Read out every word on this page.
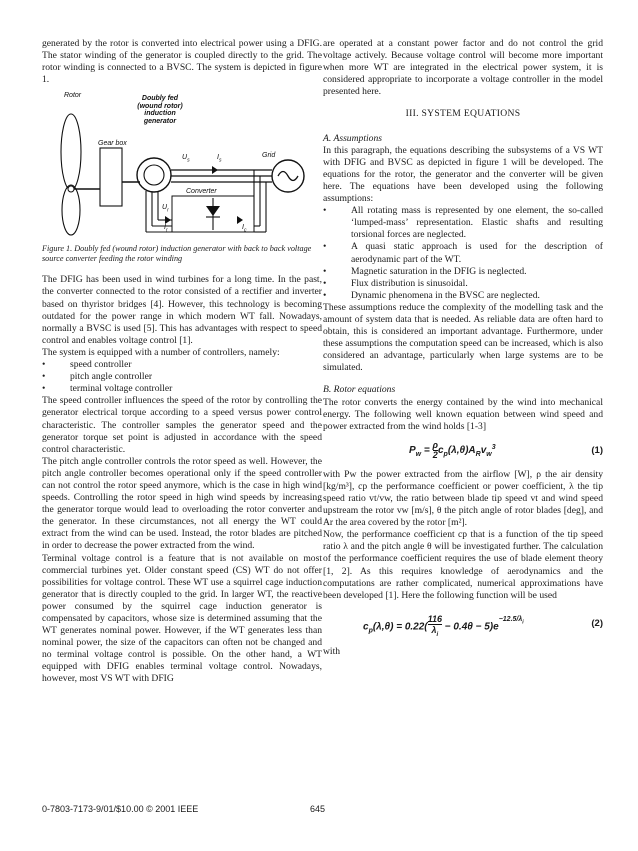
generated by the rotor is converted into electrical power using a DFIG. The stator winding of the generator is coupled directly to the grid. The rotor winding is connected to a BVSC. The system is depicted in figure 1.

Rotor	Doubly fed
(wound rotor)
induction
generator
Gear box
Grid
Converter
$U_s$	$I_s$
$U_r$
$I_r$	$I_c$

Figure 1. Doubly fed (wound rotor) induction generator with back to back voltage source converter feeding the rotor winding

The DFIG has been used in wind turbines for a long time. In the past, the converter connected to the rotor consisted of a rectifier and inverter based on thyristor bridges [4]. However, this technology is becoming outdated for the power range in which modern WT fall. Nowadays, normally a BVSC is used [5]. This has advantages with respect to speed control and enables voltage control [1].

The system is equipped with a number of controllers, namely:

• speed controller
• pitch angle controller
• terminal voltage controller

The speed controller influences the speed of the rotor by controlling the generator electrical torque according to a speed versus power control characteristic. The controller samples the generator speed and the generator torque set point is adjusted in accordance with the speed control characteristic.

The pitch angle controller controls the rotor speed as well. However, the pitch angle controller becomes operational only if the speed controller can not control the rotor speed anymore, which is the case in high wind speeds. Controlling the rotor speed in high wind speeds by increasing the generator torque would lead to overloading the rotor converter and the generator. In these circumstances, not all energy the WT could extract from the wind can be used. Instead, the rotor blades are pitched in order to decrease the power extracted from the wind.

Terminal voltage control is a feature that is not available on most commercial turbines yet. Older constant speed (CS) WT do not offer possibilities for voltage control. These WT use a squirrel cage induction generator that is directly coupled to the grid. In larger WT, the reactive power consumed by the squirrel cage induction generator is compensated by capacitors, whose size is determined assuming that the WT generates nominal power. However, if the WT generates less than nominal power, the size of the capacitors can often not be changed and no terminal voltage control is possible. On the other hand, a WT equipped with DFIG enables terminal voltage control. Nowadays, however, most VS WT with DFIG

are operated at a constant power factor and do not control the grid voltage actively. Because voltage control will become more important when more WT are integrated in the electrical power system, it is considered appropriate to incorporate a voltage controller in the model presented here.

III. SYSTEM EQUATIONS

A. Assumptions

In this paragraph, the equations describing the subsystems of a VS WT with DFIG and BVSC as depicted in figure 1 will be developed. The equations for the rotor, the generator and the converter will be given here. The equations have been developed using the following assumptions:

• All rotating mass is represented by one element, the so-called ‘lumped-mass’ representation. Elastic shafts and resulting torsional forces are neglected.
• A quasi static approach is used for the description of aerodynamic part of the WT.
• Magnetic saturation in the DFIG is neglected.
• Flux distribution is sinusoidal.
• Dynamic phenomena in the BVSC are neglected.

These assumptions reduce the complexity of the modelling task and the amount of system data that is needed. As reliable data are often hard to obtain, this is considered an important advantage. Furthermore, under these assumptions the computation speed can be increased, which is also considered an advantage, particularly when large systems are to be simulated.

B. Rotor equations

The rotor converts the energy contained by the wind into mechanical energy. The following well known equation between wind speed and power extracted from the wind holds [1-3]

$P_w = \frac{\rho}{2} c_p(\lambda,\theta)A_Rv_w^3$	(1)

with Pw the power extracted from the airflow [W], ρ the air density [kg/m³], cp the performance coefficient or power coefficient, λ the tip speed ratio vt/vw, the ratio between blade tip speed vt and wind speed upstream the rotor vw [m/s], θ the pitch angle of rotor blades [deg], and Ar the area covered by the rotor [m²].

Now, the performance coefficient cp that is a function of the tip speed ratio λ and the pitch angle θ will be investigated further. The calculation of the performance coefficient requires the use of blade element theory [1, 2]. As this requires knowledge of aerodynamics and the computations are rather complicated, numerical approximations have been developed [1]. Here the following function will be used

$c_p(\lambda,\theta) = 0.22( \frac{116}{\lambda_i} - 0.4\theta - 5)e^{-12.5/\lambda_i}$	(2)

with

0-7803-7173-9/01/$10.00 © 2001 IEEE	645
